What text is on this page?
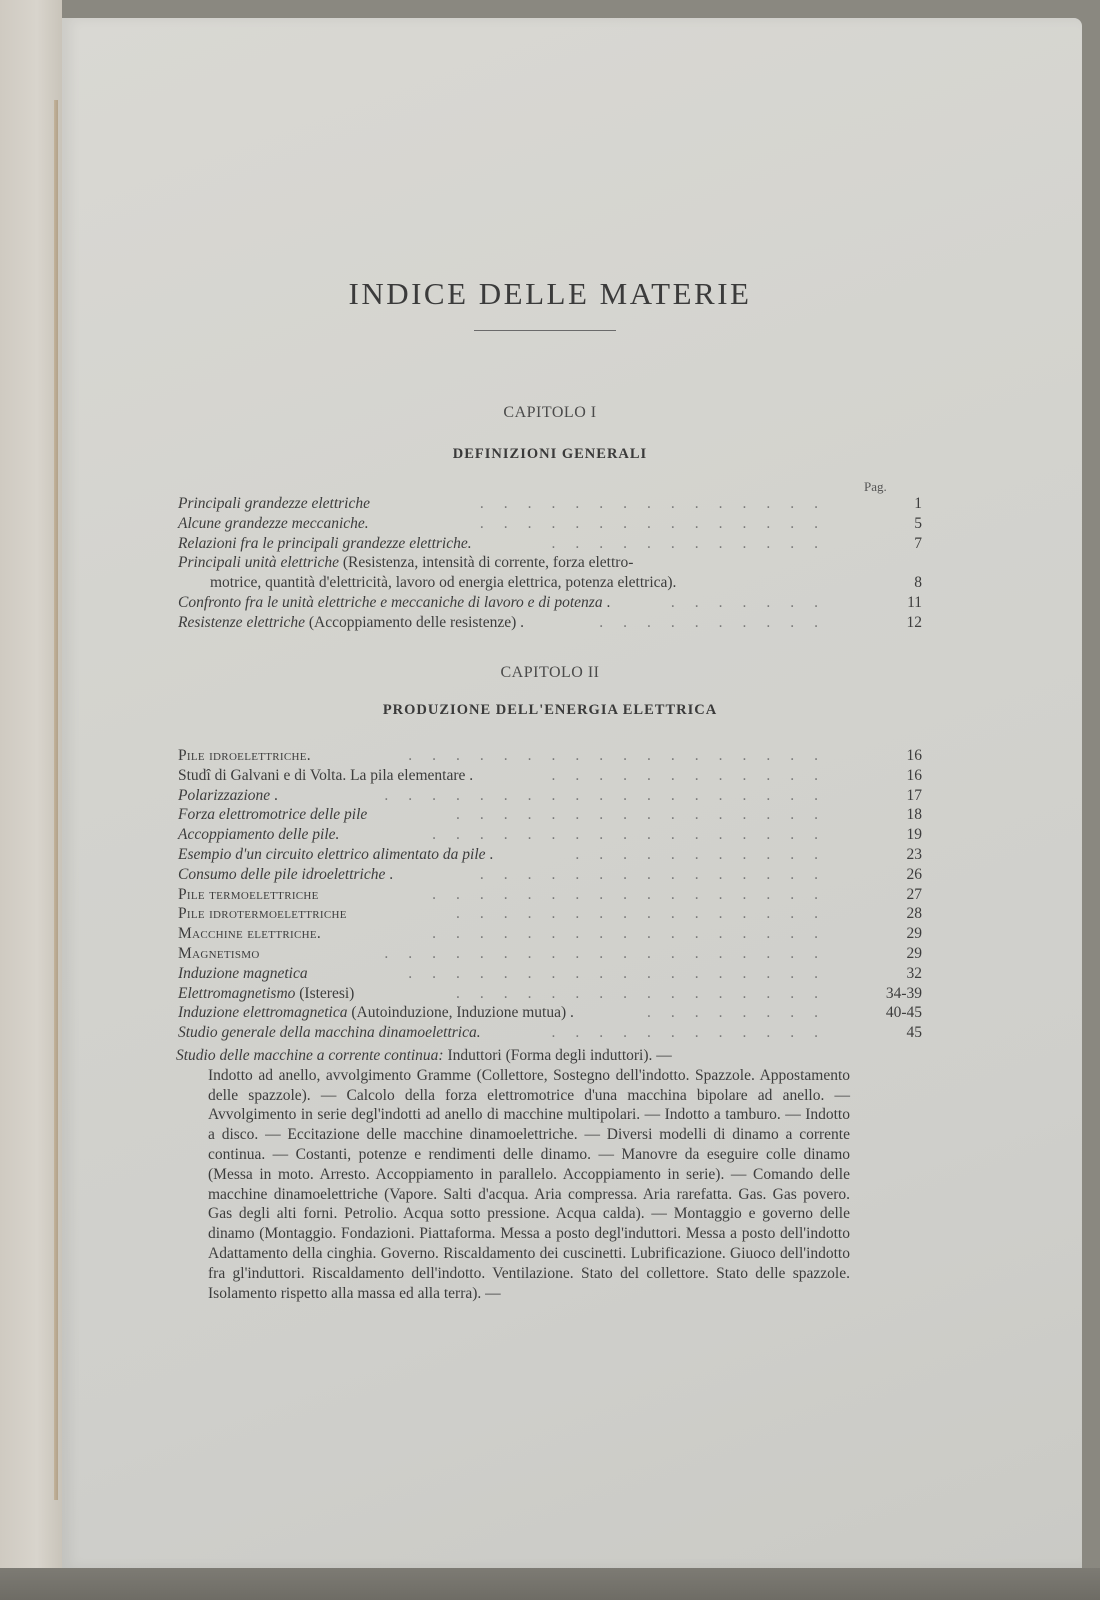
INDICE DELLE MATERIE
CAPITOLO I
DEFINIZIONI GENERALI
Pag.
Principali grandezze elettriche	...............	1
Alcune grandezze meccaniche.	...............	5
Relazioni fra le principali grandezze elettriche.	............	7
Principali unità elettriche (Resistenza, intensità di corrente, forza elettro-
motrice, quantità d'elettricità, lavoro od energia elettrica, potenza elettrica).	8
Confronto fra le unità elettriche e meccaniche di lavoro e di potenza .	.......	11
Resistenze elettriche (Accoppiamento delle resistenze) .	..........	12
CAPITOLO II
PRODUZIONE DELL'ENERGIA ELETTRICA
Pile idroelettriche.	..................	16
Studî di Galvani e di Volta. La pila elementare .	............	16
Polarizzazione .	...................	17
Forza elettromotrice delle pile	................	18
Accoppiamento delle pile.	.................	19
Esempio d'un circuito elettrico alimentato da pile .	...........	23
Consumo delle pile idroelettriche .	...............	26
Pile termoelettriche	.................	27
Pile idrotermoelettriche	................	28
Macchine elettriche.	.................	29
Magnetismo	...................	29
Induzione magnetica	..................	32
Elettromagnetismo (Isteresi)	................	34-39
Induzione elettromagnetica (Autoinduzione, Induzione mutua) .	........	40-45
Studio generale della macchina dinamoelettrica.	............	45
Studio delle macchine a corrente continua: Induttori (Forma degli induttori). —
Indotto ad anello, avvolgimento Gramme (Collettore, Sostegno dell'indotto. Spazzole. Appostamento delle spazzole). — Calcolo della forza elettromotrice d'una macchina bipolare ad anello. — Avvolgimento in serie degl'indotti ad anello di macchine multipolari. — Indotto a tamburo. — Indotto a disco. — Eccitazione delle macchine dinamoelettriche. — Diversi modelli di dinamo a corrente continua. — Costanti, potenze e rendimenti delle dinamo. — Manovre da eseguire colle dinamo (Messa in moto. Arresto. Accoppiamento in parallelo. Accoppiamento in serie). — Comando delle macchine dinamoelettriche (Vapore. Salti d'acqua. Aria compressa. Aria rarefatta. Gas. Gas povero. Gas degli alti forni. Petrolio. Acqua sotto pressione. Acqua calda). — Montaggio e governo delle dinamo (Montaggio. Fondazioni. Piattaforma. Messa a posto degl'induttori. Messa a posto dell'indotto Adattamento della cinghia. Governo. Riscaldamento dei cuscinetti. Lubrificazione. Giuoco dell'indotto fra gl'induttori. Riscaldamento dell'indotto. Ventilazione. Stato del collettore. Stato delle spazzole. Isolamento rispetto alla massa ed alla terra). —
